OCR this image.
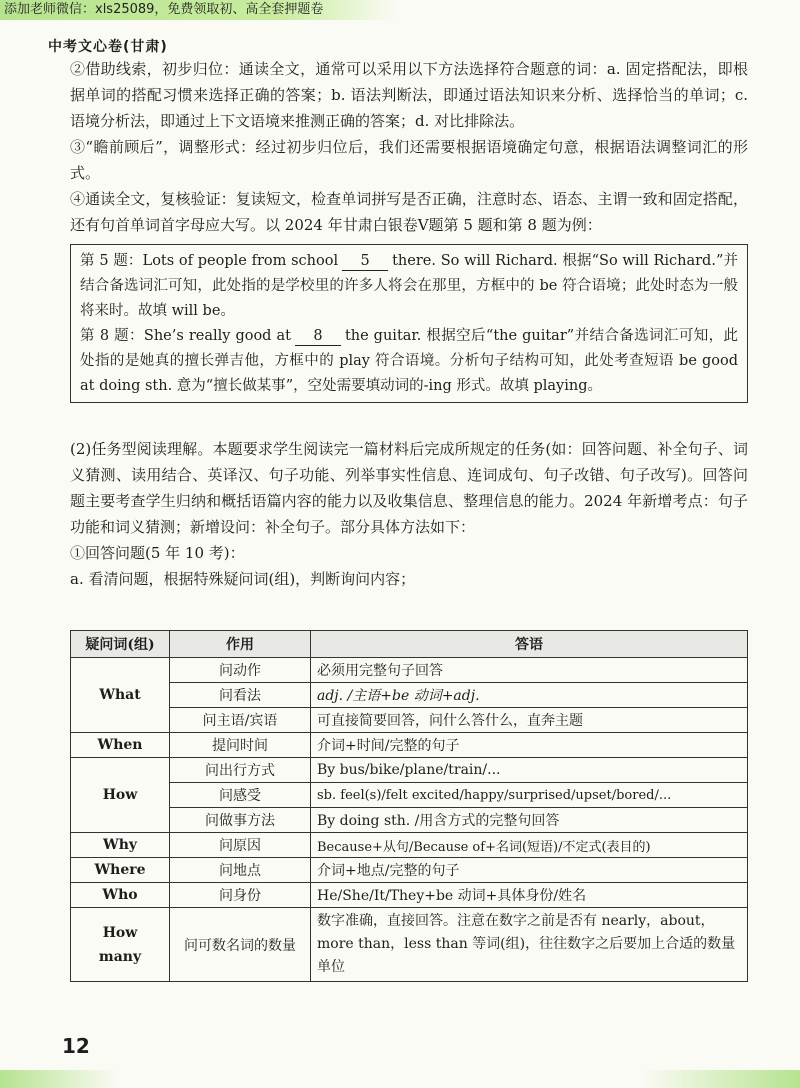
添加老师微信：xls25089，免费领取初、高全套押题卷
中考文心卷(甘肃)

②借助线索，初步归位：通读全文，通常可以采用以下方法选择符合题意的词：a. 固定搭配法，即根据单词的搭配习惯来选择正确的答案；b. 语法判断法，即通过语法知识来分析、选择恰当的单词；c. 语境分析法，即通过上下文语境来推测正确的答案；d. 对比排除法。

③“瞻前顾后”，调整形式：经过初步归位后，我们还需要根据语境确定句意，根据语法调整词汇的形式。

④通读全文，复核验证：复读短文，检查单词拼写是否正确，注意时态、语态、主谓一致和固定搭配，还有句首单词首字母应大写。以 2024 年甘肃白银卷Ⅴ题第 5 题和第 8 题为例：

第 5 题：Lots of people from school 5 there. So will Richard. 根据“So will Richard.”并结合备选词汇可知，此处指的是学校里的许多人将会在那里，方框中的 be 符合语境；此处时态为一般将来时。故填 will be。

第 8 题：She’s really good at 8 the guitar. 根据空后“the guitar”并结合备选词汇可知，此处指的是她真的擅长弹吉他，方框中的 play 符合语境。分析句子结构可知，此处考查短语 be good at doing sth. 意为“擅长做某事”，空处需要填动词的-ing 形式。故填 playing。

(2)任务型阅读理解。本题要求学生阅读完一篇材料后完成所规定的任务(如：回答问题、补全句子、词义猜测、读用结合、英译汉、句子功能、列举事实性信息、连词成句、句子改错、句子改写)。回答问题主要考查学生归纳和概括语篇内容的能力以及收集信息、整理信息的能力。2024 年新增考点：句子功能和词义猜测；新增设问：补全句子。部分具体方法如下：

①回答问题(5 年 10 考)：

a. 看清问题，根据特殊疑问词(组)，判断询问内容；

疑问词(组)	作用	答语
What	问动作	必须用完整句子回答
	问看法	adj. /主语+be 动词+adj.
	问主语/宾语	可直接简要回答，问什么答什么，直奔主题
When	提问时间	介词+时间/完整的句子
How	问出行方式	By bus/bike/plane/train/...
	问感受	sb. feel(s)/felt excited/happy/surprised/upset/bored/...
	问做事方法	By doing sth. /用含方式的完整句回答
Why	问原因	Because+从句/Because of+名词(短语)/不定式(表目的)
Where	问地点	介词+地点/完整的句子
Who	问身份	He/She/It/They+be 动词+具体身份/姓名
How
many	问可数名词的数量	数字准确，直接回答。注意在数字之前是否有 nearly，about，more than，less than 等词(组)，往往数字之后要加上合适的数量单位
12
